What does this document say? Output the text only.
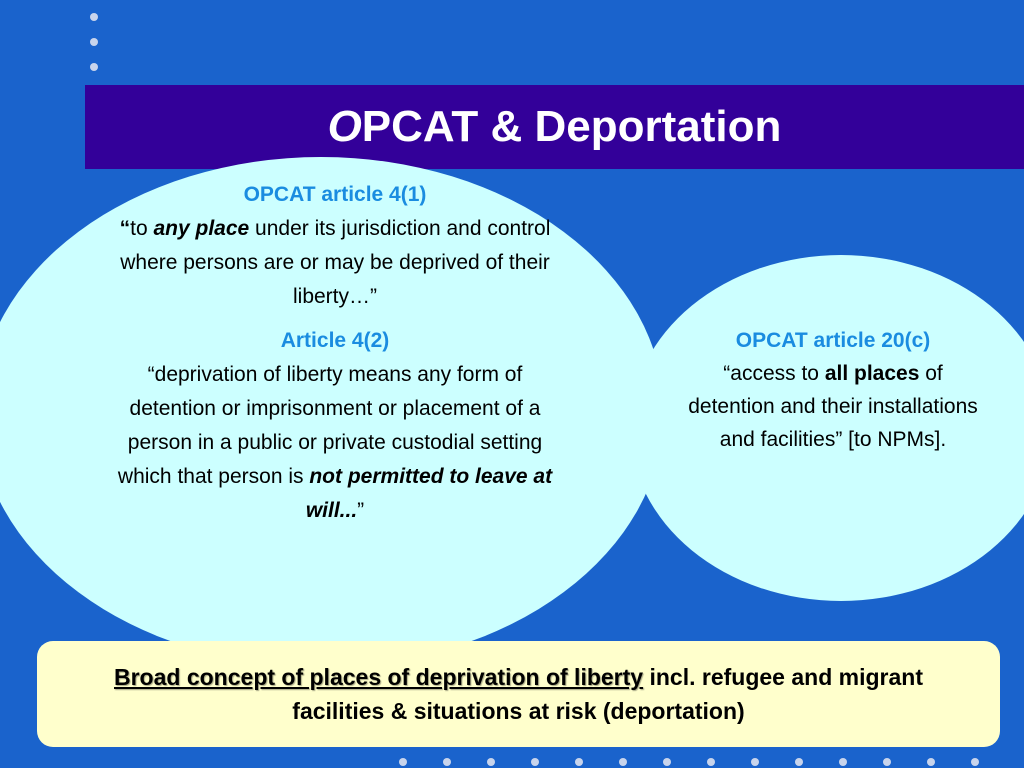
O PCAT & Deportation
OPCAT article 4(1)

“to any place under its jurisdiction and control where persons are or may be deprived of their liberty…”

Article 4(2)

“deprivation of liberty means any form of detention or imprisonment or placement of a person in a public or private custodial setting which that person is not permitted to leave at will...”

OPCAT article 20(c)

“access to all places of detention and their installations and facilities” [to NPMs].

Broad concept of places of deprivation of liberty incl. refugee and migrant facilities & situations at risk (deportation)
